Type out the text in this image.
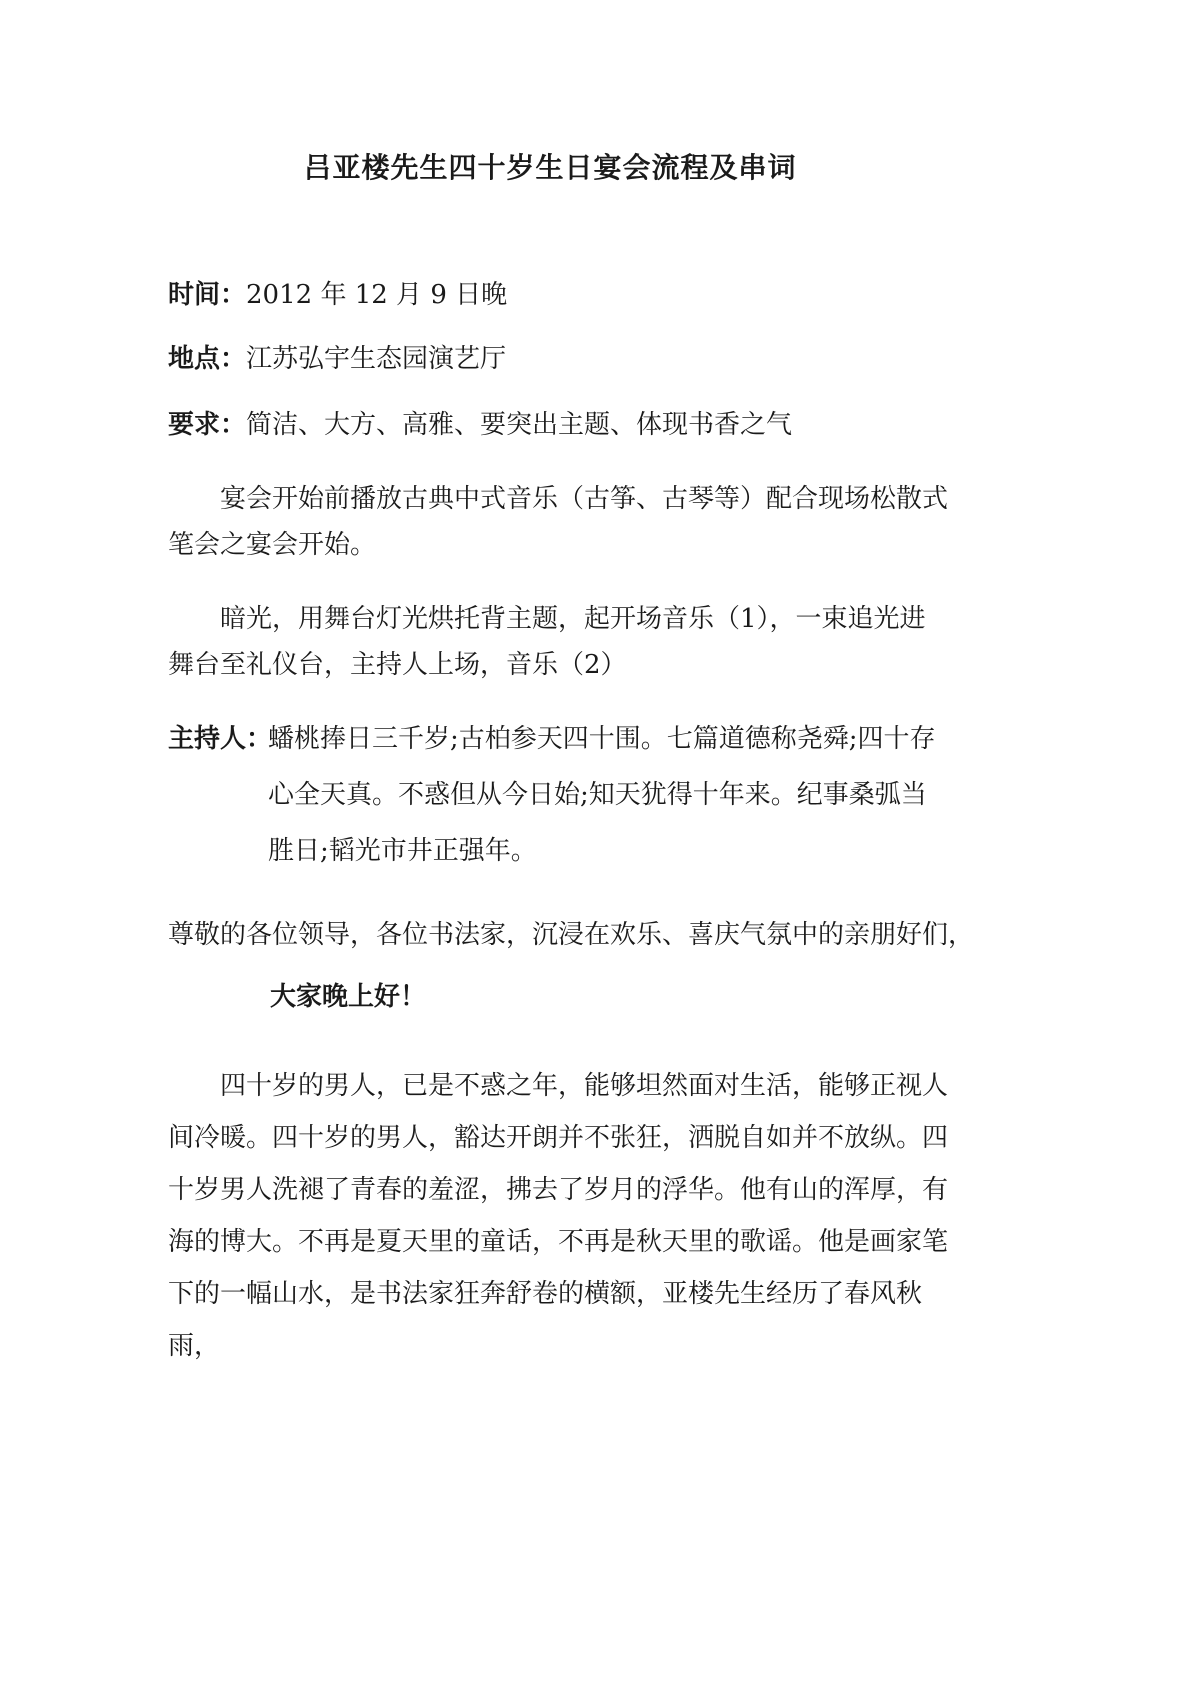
吕亚楼先生四十岁生日宴会流程及串词
时间：2012 年 12 月 9 日晚
地点：江苏弘宇生态园演艺厅
要求：简洁、大方、高雅、要突出主题、体现书香之气
宴会开始前播放古典中式音乐（古筝、古琴等）配合现场松散式笔会之宴会开始。
暗光，用舞台灯光烘托背主题，起开场音乐（1），一束追光进舞台至礼仪台，主持人上场，音乐（2）
主持人：
蟠桃捧日三千岁;古柏参天四十围。七篇道德称尧舜;四十存心全天真。不惑但从今日始;知天犹得十年来。纪事桑弧当胜日;韬光市井正强年。
尊敬的各位领导，各位书法家，沉浸在欢乐、喜庆气氛中的亲朋好们，
大家晚上好！
四十岁的男人，已是不惑之年，能够坦然面对生活，能够正视人间冷暖。四十岁的男人，豁达开朗并不张狂，洒脱自如并不放纵。四十岁男人洗褪了青春的羞涩，拂去了岁月的浮华。他有山的浑厚，有海的博大。不再是夏天里的童话，不再是秋天里的歌谣。他是画家笔下的一幅山水，是书法家狂奔舒卷的横额，亚楼先生经历了春风秋雨，
